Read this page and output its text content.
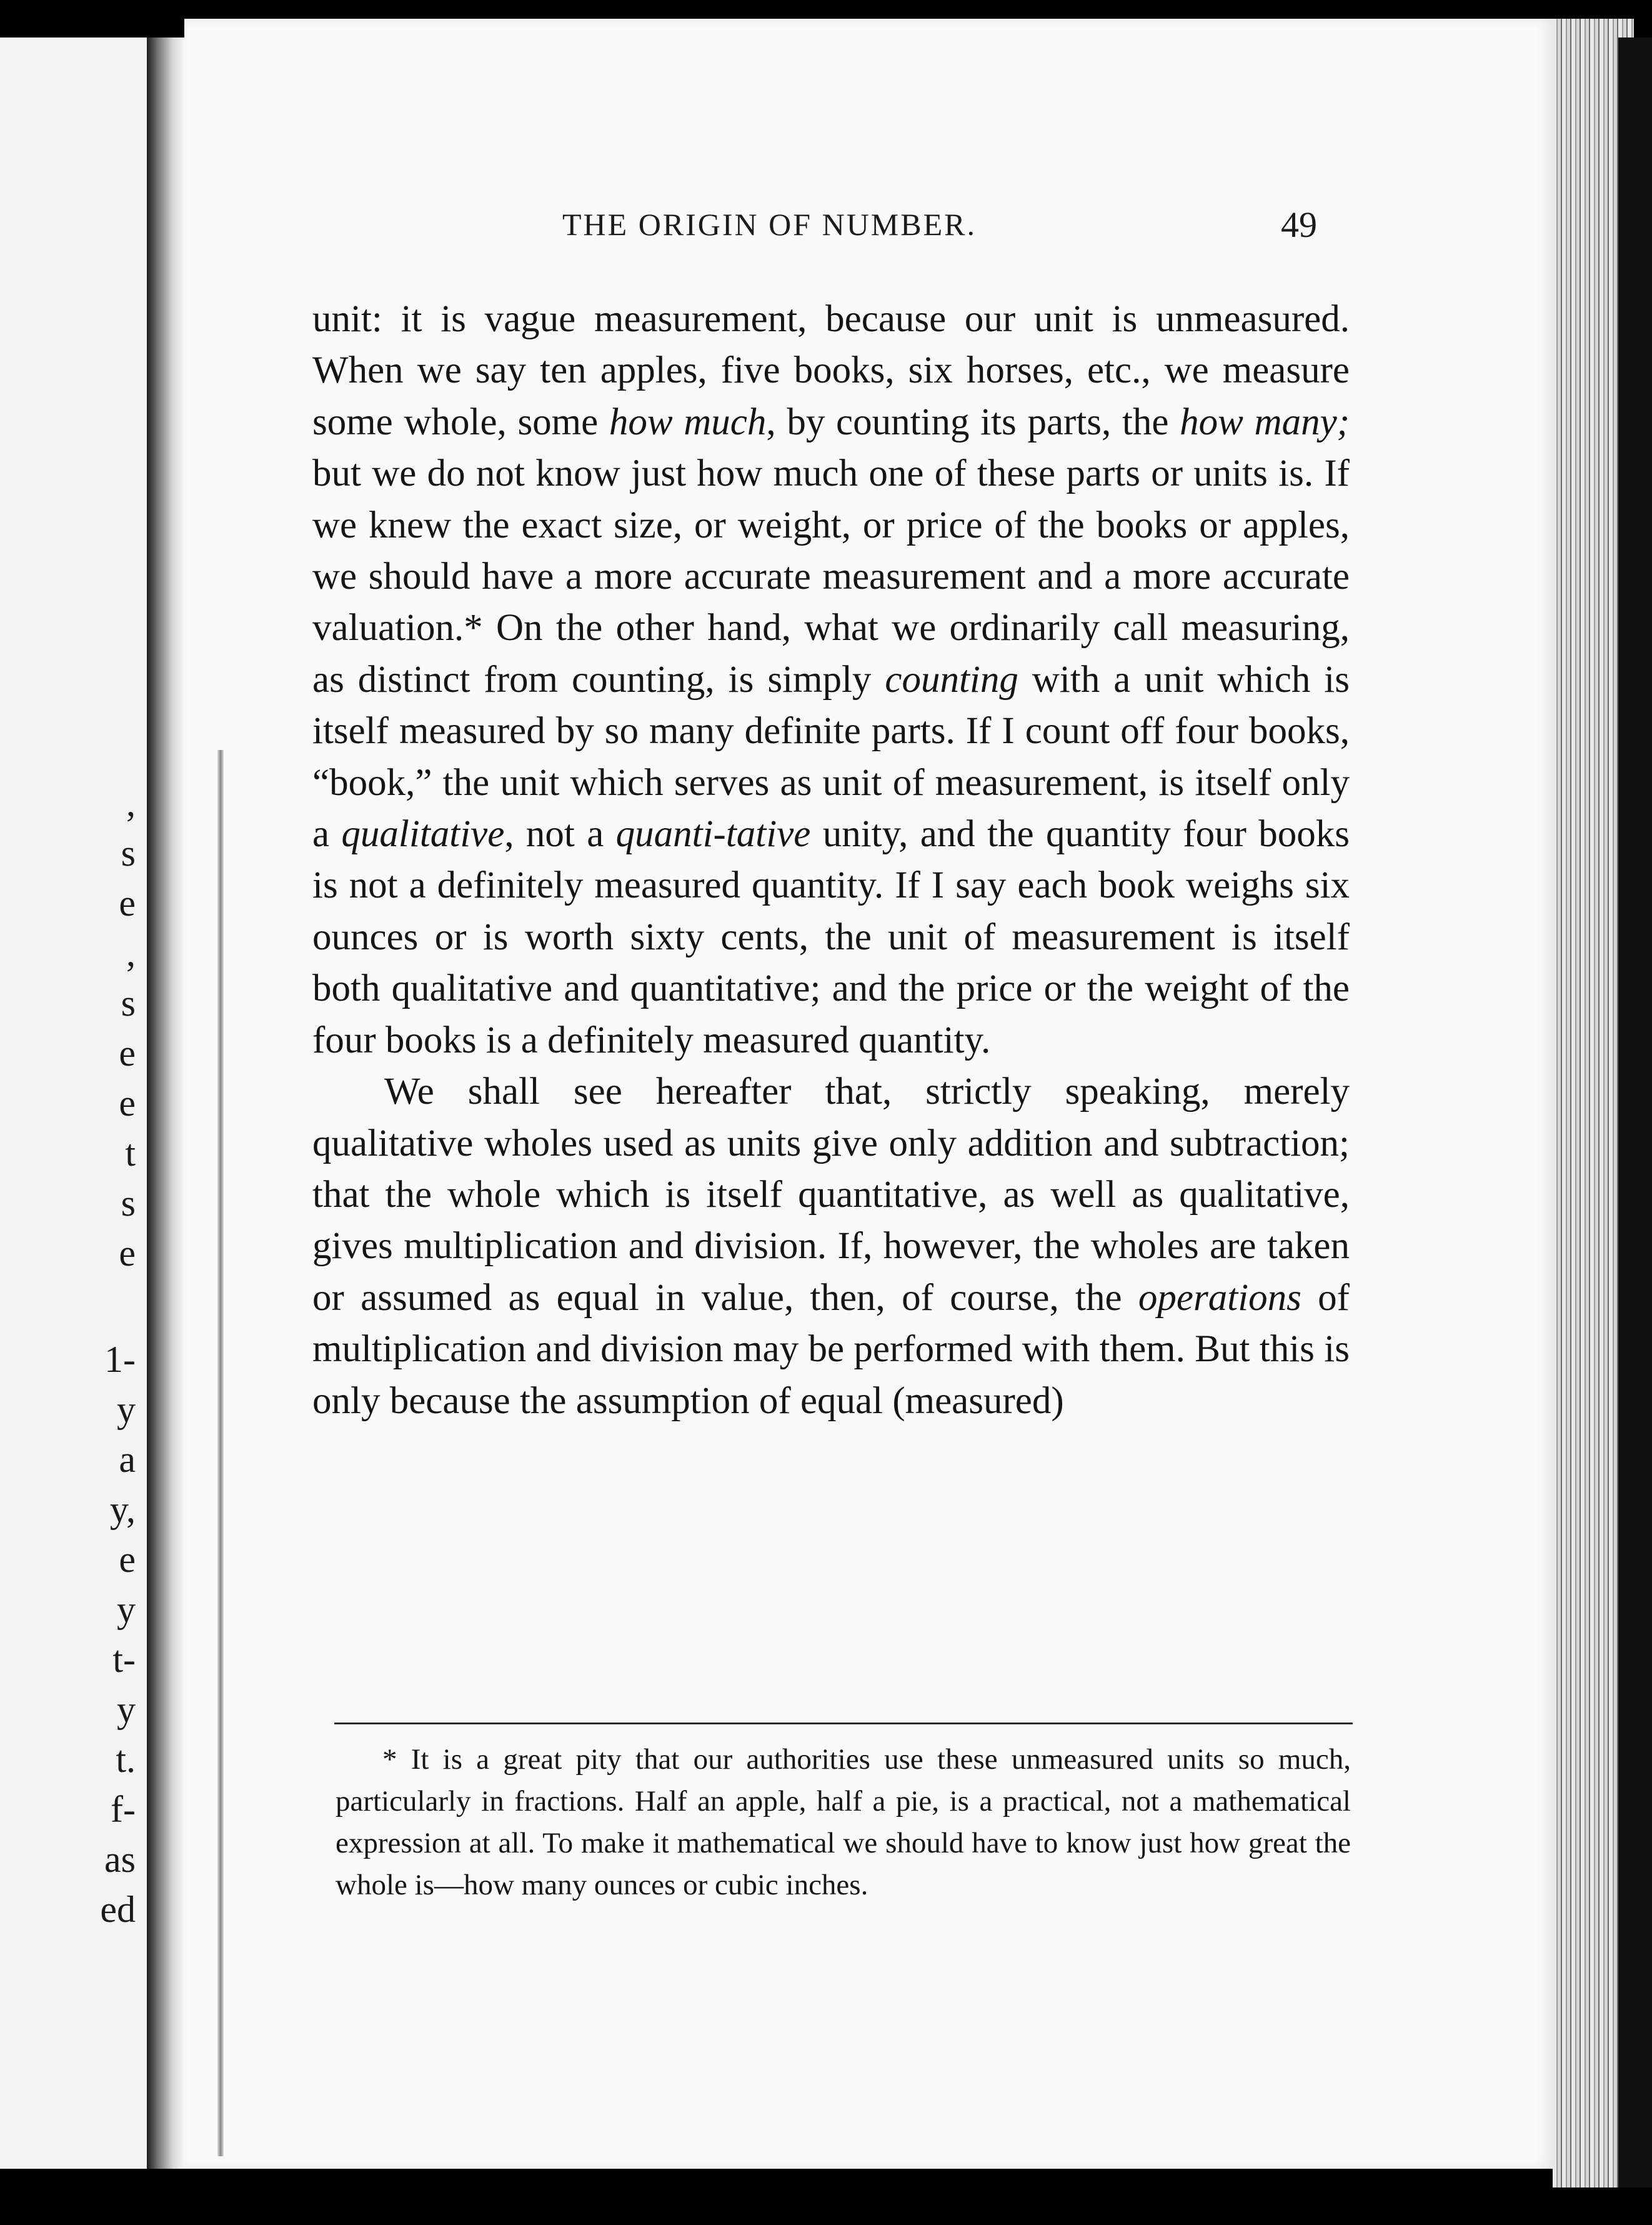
,
s
e
,
s
e
e
t
s
e
1-
y
a
y,
e
y
t-
y
t.
f-
as
ed
THE ORIGIN OF NUMBER.	49

unit: it is vague measurement, because our unit is unmeasured. When we say ten apples, five books, six horses, etc., we measure some whole, some how much, by counting its parts, the how many; but we do not know just how much one of these parts or units is. If we knew the exact size, or weight, or price of the books or apples, we should have a more accurate measurement and a more accurate valuation.* On the other hand, what we ordinarily call measuring, as distinct from counting, is simply counting with a unit which is itself measured by so many definite parts. If I count off four books, “book,” the unit which serves as unit of measurement, is itself only a qualitative, not a quanti-tative unity, and the quantity four books is not a definitely measured quantity. If I say each book weighs six ounces or is worth sixty cents, the unit of measurement is itself both qualitative and quantitative; and the price or the weight of the four books is a definitely measured quantity.

We shall see hereafter that, strictly speaking, merely qualitative wholes used as units give only addition and subtraction; that the whole which is itself quantitative, as well as qualitative, gives multiplication and division. If, however, the wholes are taken or assumed as equal in value, then, of course, the operations of multiplication and division may be performed with them. But this is only because the assumption of equal (measured)

* It is a great pity that our authorities use these unmeasured units so much, particularly in fractions. Half an apple, half a pie, is a practical, not a mathematical expression at all. To make it mathematical we should have to know just how great the whole is—how many ounces or cubic inches.
